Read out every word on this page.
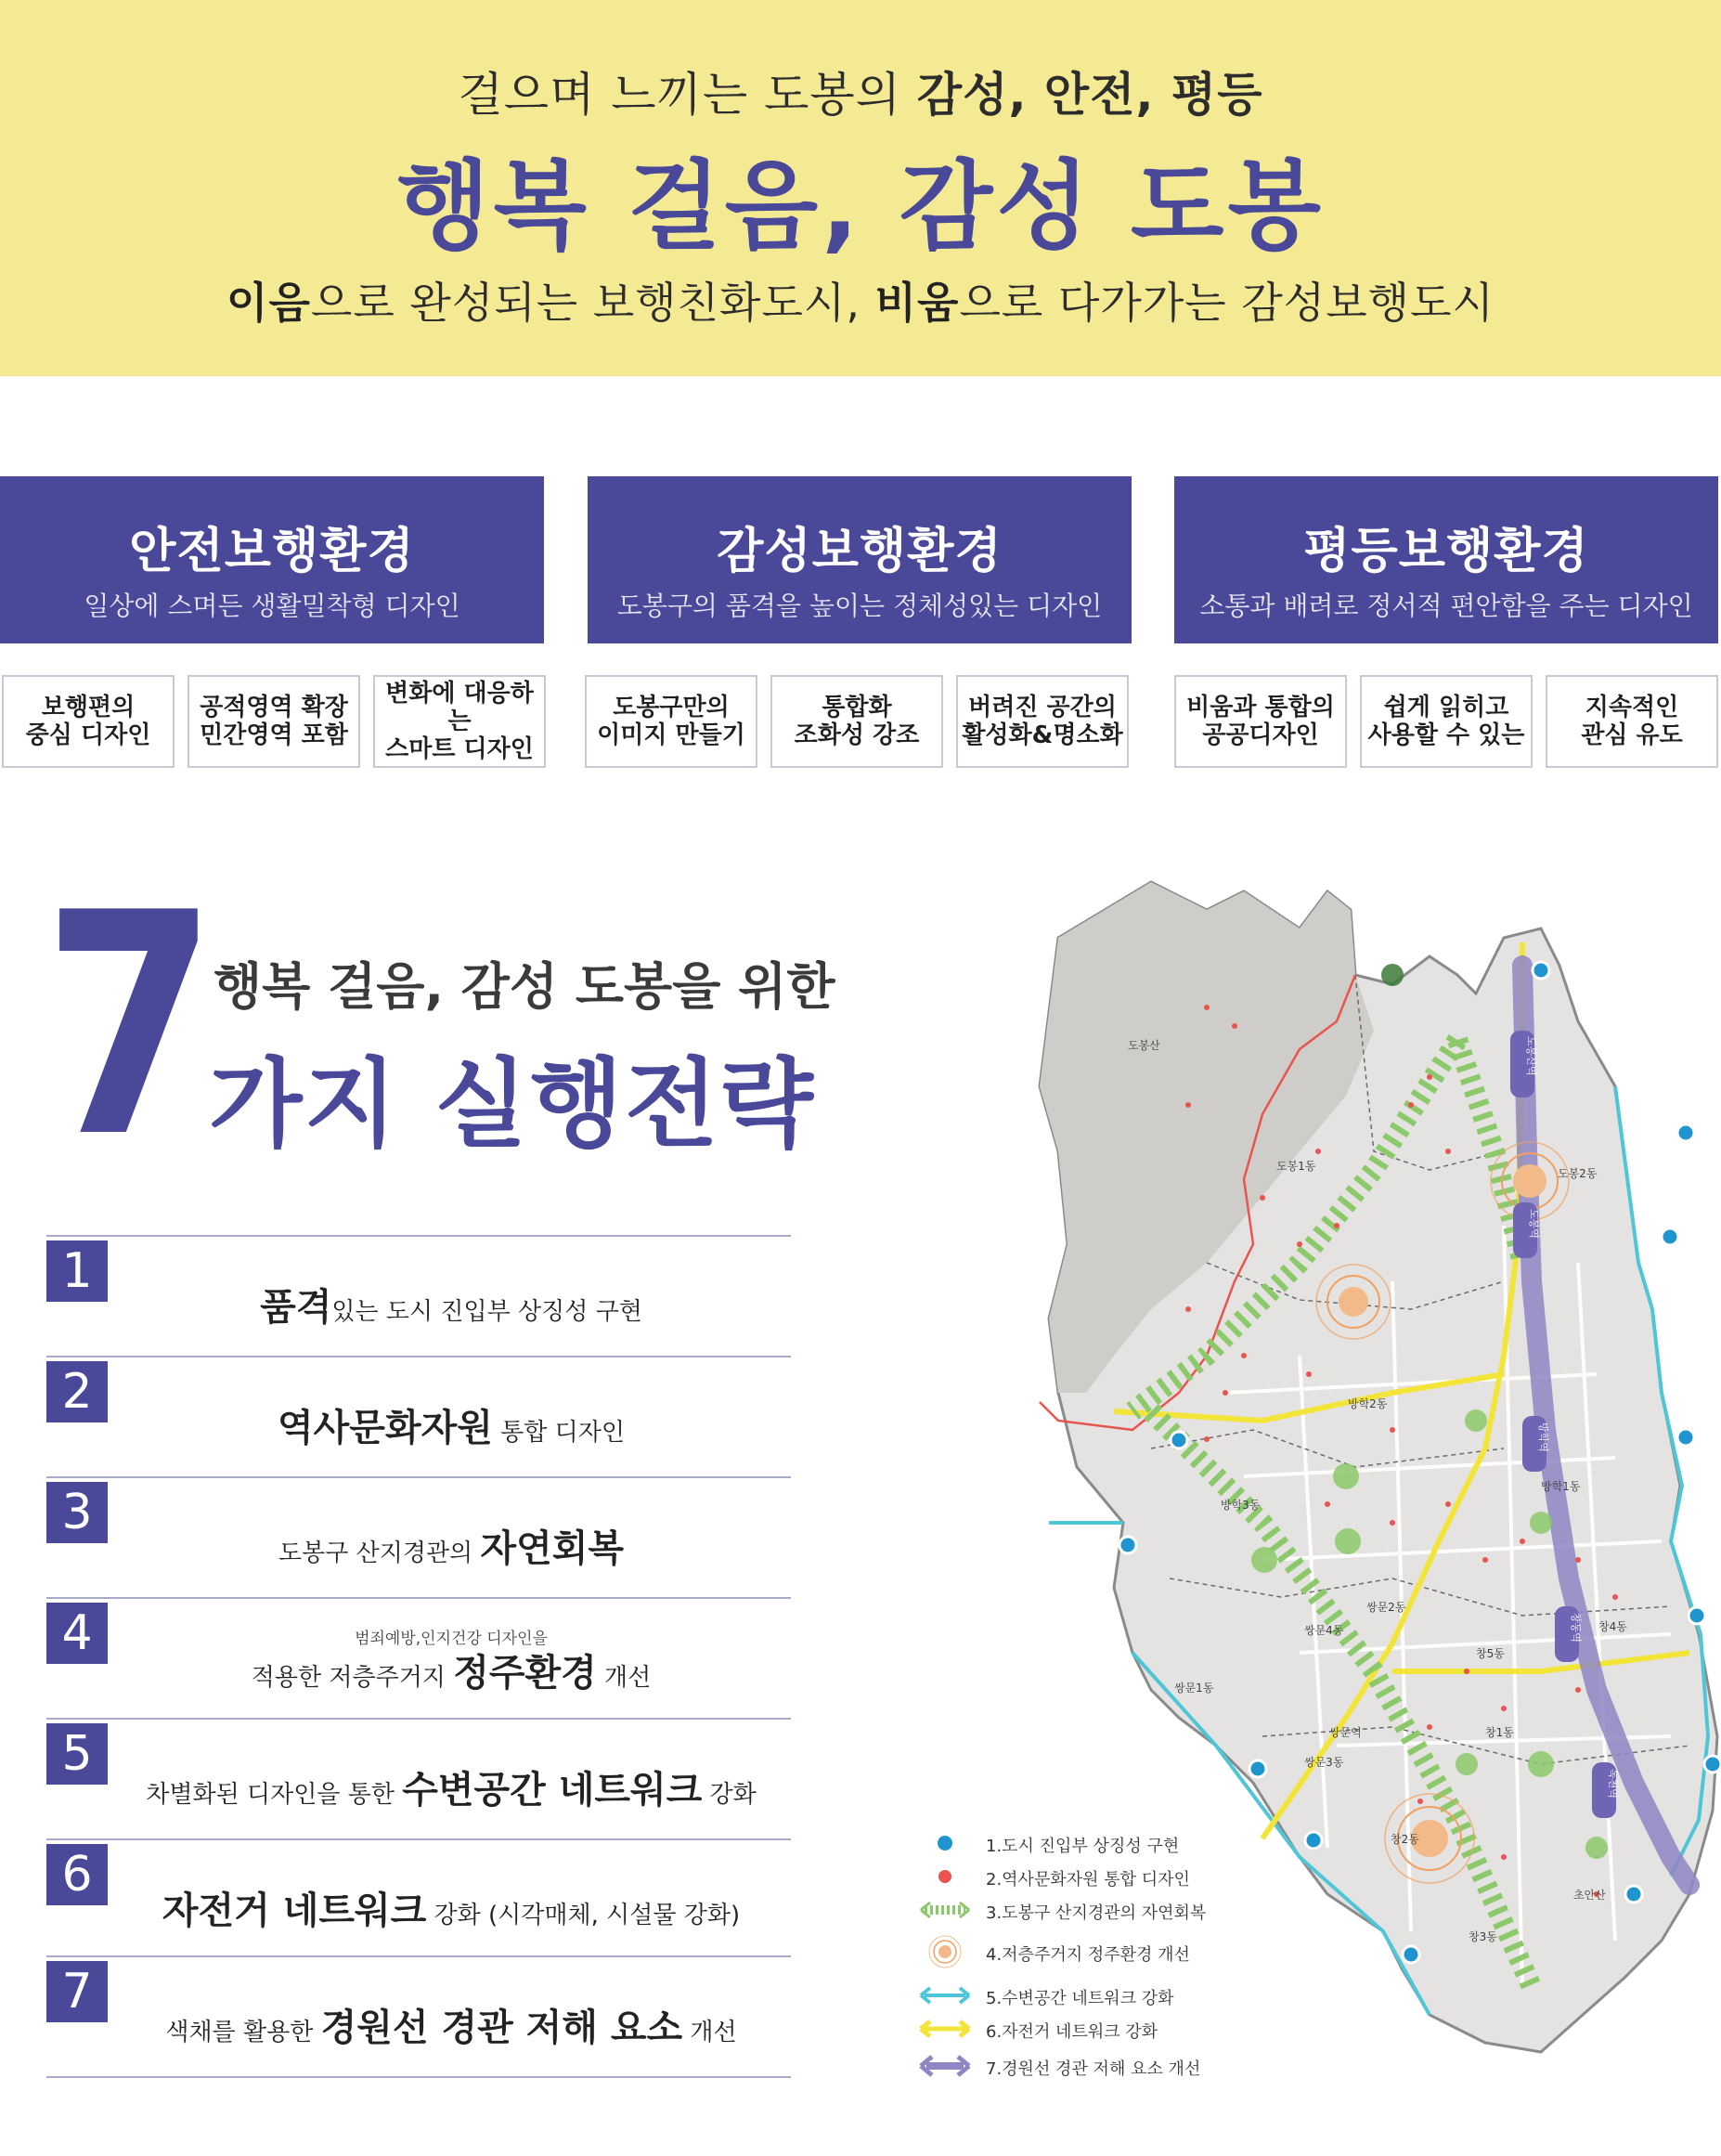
걸으며 느끼는 도봉의 감성, 안전, 평등
행복 걸음, 감성 도봉
이음으로 완성되는 보행친화도시, 비움으로 다가가는 감성보행도시
안전보행환경
일상에 스며든 생활밀착형 디자인
감성보행환경
도봉구의 품격을 높이는 정체성있는 디자인
평등보행환경
소통과 배려로 정서적 편안함을 주는 디자인
보행편의
중심 디자인
공적영역 확장
민간영역 포함
변화에 대응하는
스마트 디자인
도봉구만의
이미지 만들기
통합화
조화성 강조
버려진 공간의
활성화&명소화
비움과 통합의
공공디자인
쉽게 읽히고
사용할 수 있는
지속적인
관심 유도
7
행복 걸음, 감성 도봉을 위한
가지 실행전략
1
품격있는 도시 진입부 상징성 구현
2
역사문화자원 통합 디자인
3
도봉구 산지경관의 자연회복
4	범죄예방,인지건강 디자인을
적용한 저층주거지 정주환경 개선
5
차별화된 디자인을 통한 수변공간 네트워크 강화
6
자전거 네트워크 강화 (시각매체, 시설물 강화)
7
색채를 활용한 경원선 경관 저해 요소 개선
도봉산역
도봉역
방학역
창동역
녹천역
도봉산
도봉1동
도봉2동
방학2동
방학1동
방학3동
쌍문2동
쌍문4동	창4동
창5동
쌍문1동
쌍문역	창1동
쌍문3동
창2동
초안산
창3동
1.도시 진입부 상징성 구현
2.역사문화자원 통합 디자인
3.도봉구 산지경관의 자연회복
4.저층주거지 정주환경 개선
5.수변공간 네트워크 강화
6.자전거 네트워크 강화
7.경원선 경관 저해 요소 개선
